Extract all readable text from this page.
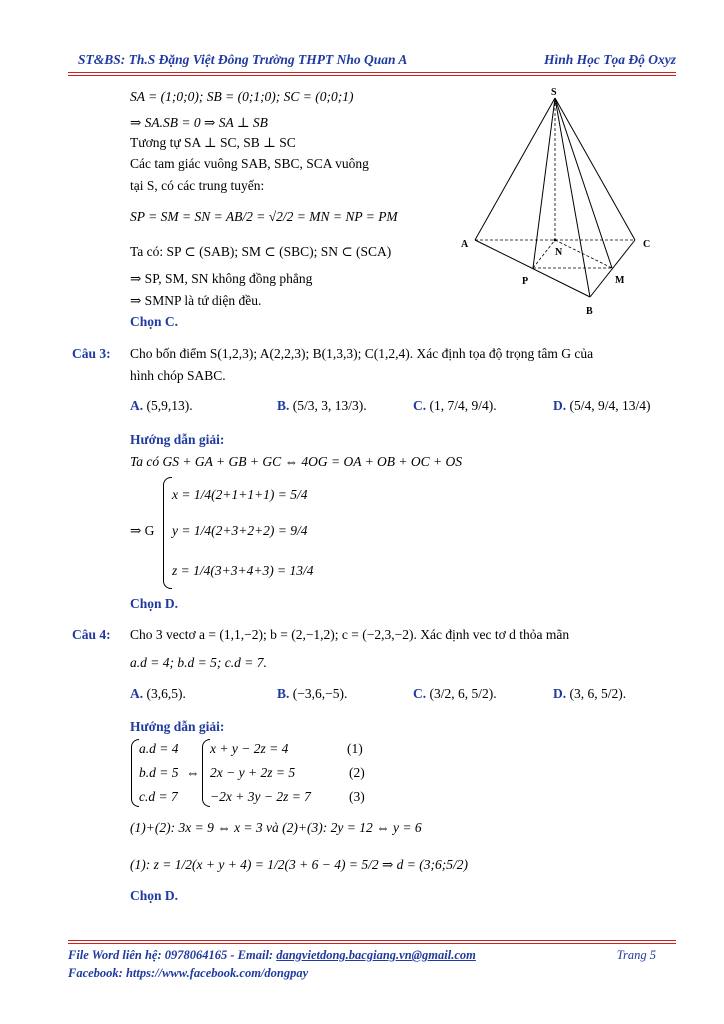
ST&BS: Th.S Đặng Việt Đông Trường THPT Nho Quan A	Hình Học Tọa Độ Oxyz
SA = (1;0;0); SB = (0;1;0); SC = (0;0;1)
⇒ SA.SB = 0 ⇒ SA ⊥ SB
Tương tự SA ⊥ SC, SB ⊥ SC
Các tam giác vuông SAB, SBC, SCA vuông
tại S, có các trung tuyến:
SP = SM = SN = AB/2 = √2/2 = MN = NP = PM
Ta có: SP ⊂ (SAB); SM ⊂ (SBC); SN ⊂ (SCA)
⇒ SP, SM, SN không đồng phẳng
⇒ SMNP là tứ diện đều.
Chọn C.
S
A	C
B
N
P	M
Câu 3: Cho bốn điểm S(1,2,3); A(2,2,3); B(1,3,3); C(1,2,4). Xác định tọa độ trọng tâm G của
hình chóp SABC.
A. (5,9,13).	B. (5/3, 3, 13/3).	C. (1, 7/4, 9/4).	D. (5/4, 9/4, 13/4)
Hướng dẫn giải:
Ta có GS + GA + GB + GC ⇔ 4OG = OA + OB + OC + OS
⇒ G
x = 1/4(2+1+1+1) = 5/4
y = 1/4(2+3+2+2) = 9/4
z = 1/4(3+3+4+3) = 13/4
Chọn D.
Câu 4: Cho 3 vectơ a = (1,1,−2); b = (2,−1,2); c = (−2,3,−2). Xác định vec tơ d thỏa mãn
a.d = 4; b.d = 5; c.d = 7.
A. (3,6,5).	B. (−3,6,−5).	C. (3/2, 6, 5/2).	D. (3, 6, 5/2).
Hướng dẫn giải:
a.d = 4
b.d = 5
c.d = 7
⇔
x + y − 2z = 4
2x − y + 2z = 5
−2x + 3y − 2z = 7
(1)
(2)
(3)
(1)+(2): 3x = 9 ⇔ x = 3 và (2)+(3): 2y = 12 ⇔ y = 6
(1): z = 1/2(x + y + 4) = 1/2(3 + 6 − 4) = 5/2 ⇒ d = (3;6;5/2)
Chọn D.
File Word liên hệ: 0978064165 - Email: dangvietdong.bacgiang.vn@gmail.com	Trang 5
Facebook: https://www.facebook.com/dongpay
